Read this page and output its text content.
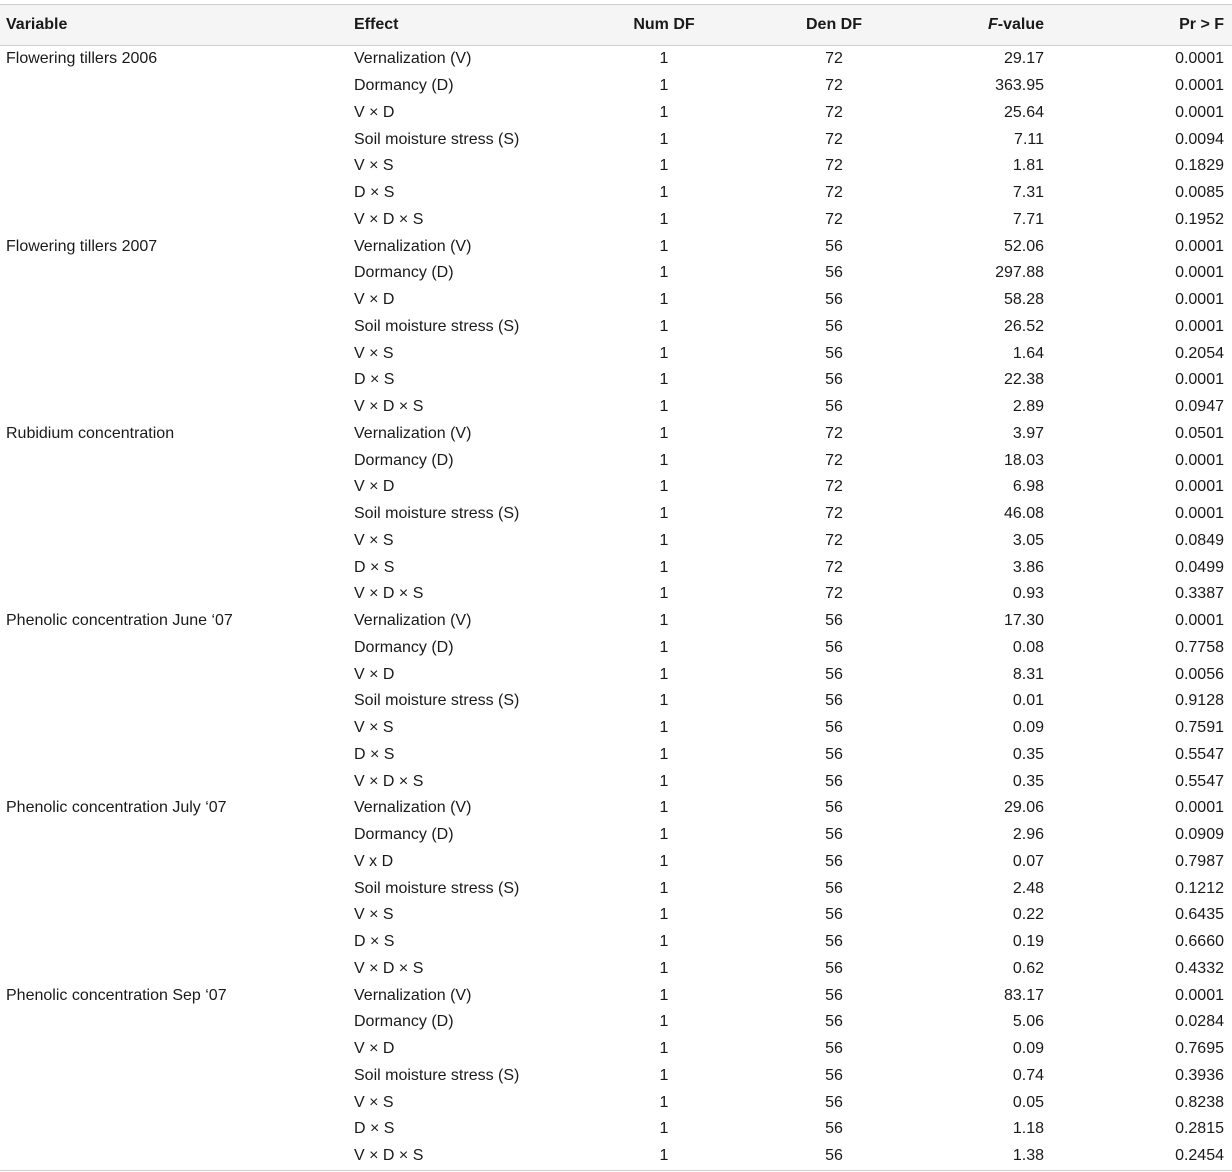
Variable	Effect	Num DF	Den DF	F-value	Pr > F
Flowering tillers 2006	Vernalization (V)	1	72	29.17	0.0001
	Dormancy (D)	1	72	363.95	0.0001
	V × D	1	72	25.64	0.0001
	Soil moisture stress (S)	1	72	7.11	0.0094
	V × S	1	72	1.81	0.1829
	D × S	1	72	7.31	0.0085
	V × D × S	1	72	7.71	0.1952
Flowering tillers 2007	Vernalization (V)	1	56	52.06	0.0001
	Dormancy (D)	1	56	297.88	0.0001
	V × D	1	56	58.28	0.0001
	Soil moisture stress (S)	1	56	26.52	0.0001
	V × S	1	56	1.64	0.2054
	D × S	1	56	22.38	0.0001
	V × D × S	1	56	2.89	0.0947
Rubidium concentration	Vernalization (V)	1	72	3.97	0.0501
	Dormancy (D)	1	72	18.03	0.0001
	V × D	1	72	6.98	0.0001
	Soil moisture stress (S)	1	72	46.08	0.0001
	V × S	1	72	3.05	0.0849
	D × S	1	72	3.86	0.0499
	V × D × S	1	72	0.93	0.3387
Phenolic concentration June ‘07	Vernalization (V)	1	56	17.30	0.0001
	Dormancy (D)	1	56	0.08	0.7758
	V × D	1	56	8.31	0.0056
	Soil moisture stress (S)	1	56	0.01	0.9128
	V × S	1	56	0.09	0.7591
	D × S	1	56	0.35	0.5547
	V × D × S	1	56	0.35	0.5547
Phenolic concentration July ‘07	Vernalization (V)	1	56	29.06	0.0001
	Dormancy (D)	1	56	2.96	0.0909
	V x D	1	56	0.07	0.7987
	Soil moisture stress (S)	1	56	2.48	0.1212
	V × S	1	56	0.22	0.6435
	D × S	1	56	0.19	0.6660
	V × D × S	1	56	0.62	0.4332
Phenolic concentration Sep ‘07	Vernalization (V)	1	56	83.17	0.0001
	Dormancy (D)	1	56	5.06	0.0284
	V × D	1	56	0.09	0.7695
	Soil moisture stress (S)	1	56	0.74	0.3936
	V × S	1	56	0.05	0.8238
	D × S	1	56	1.18	0.2815
	V × D × S	1	56	1.38	0.2454
